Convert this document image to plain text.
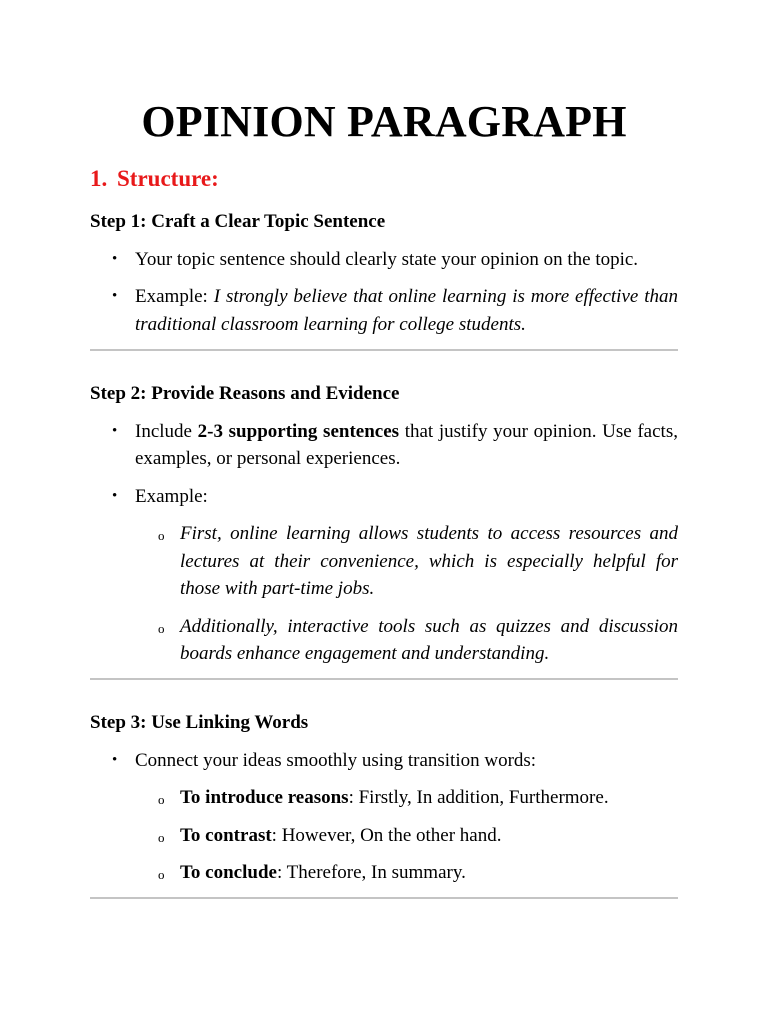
OPINION PARAGRAPH
1. Structure:

Step 1: Craft a Clear Topic Sentence

• Your topic sentence should clearly state your opinion on the topic.
• Example: I strongly believe that online learning is more effective than traditional classroom learning for college students.

Step 2: Provide Reasons and Evidence

• Include 2-3 supporting sentences that justify your opinion. Use facts, examples, or personal experiences.
• Example:
o First, online learning allows students to access resources and lectures at their convenience, which is especially helpful for those with part-time jobs.
o Additionally, interactive tools such as quizzes and discussion boards enhance engagement and understanding.

Step 3: Use Linking Words

• Connect your ideas smoothly using transition words:
o To introduce reasons: Firstly, In addition, Furthermore.
o To contrast: However, On the other hand.
o To conclude: Therefore, In summary.
